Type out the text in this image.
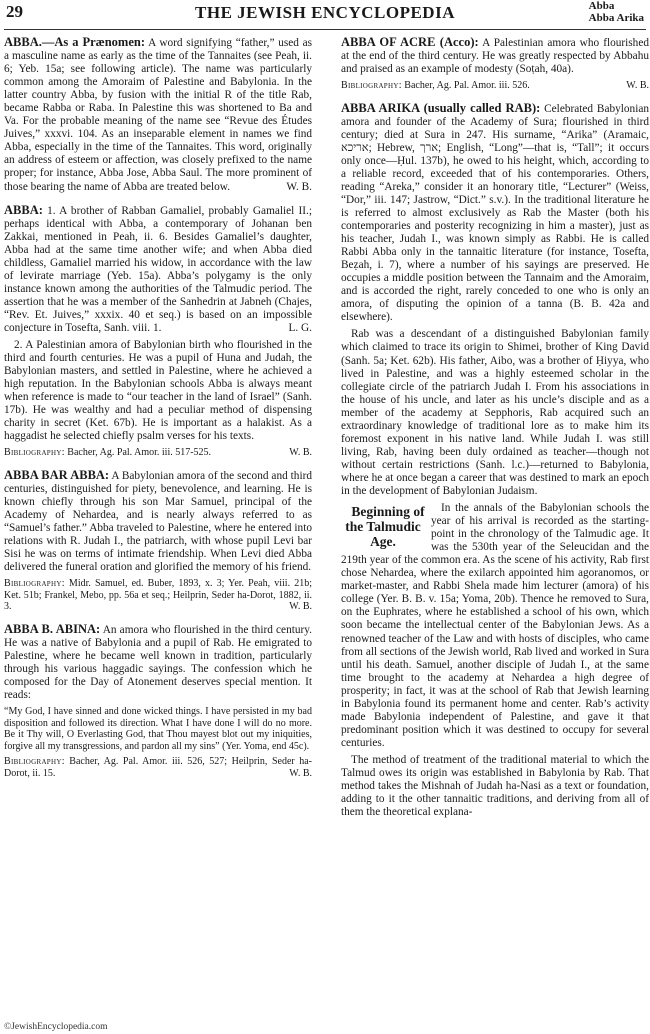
29	THE JEWISH ENCYCLOPEDIA	Abba
Abba Arika

ABBA.—As a Prænomen: A word signifying “father,” used as a masculine name as early as the time of the Tannaites (see Peah, ii. 6; Yeb. 15a; see following article). The name was particularly common among the Amoraim of Palestine and Babylonia. In the latter country Abba, by fusion with the initial R of the title Rab, became Rabba or Raba. In Palestine this was shortened to Ba and Va. For the probable meaning of the name see “Revue des Études Juives,” xxxvi. 104. As an inseparable element in names we find Abba, especially in the time of the Tannaites. This word, originally an address of esteem or affection, was closely prefixed to the name proper; for instance, Abba Jose, Abba Saul. The more prominent of those bearing the name of Abba are treated below.	W. B.

ABBA: 1. A brother of Rabban Gamaliel, probably Gamaliel II.; perhaps identical with Abba, a contemporary of Johanan ben Zakkai, mentioned in Peah, ii. 6. Besides Gamaliel’s daughter, Abba had at the same time another wife; and when Abba died childless, Gamaliel married his widow, in accordance with the law of levirate marriage (Yeb. 15a). Abba’s polygamy is the only instance known among the authorities of the Talmudic period. The assertion that he was a member of the Sanhedrin at Jabneh (Chajes, “Rev. Et. Juives,” xxxix. 40 et seq.) is based on an impossible conjecture in Tosefta, Sanh. viii. 1.	L. G.

2. A Palestinian amora of Babylonian birth who flourished in the third and fourth centuries. He was a pupil of Huna and Judah, the Babylonian masters, and settled in Palestine, where he achieved a high reputation. In the Babylonian schools Abba is always meant when reference is made to “our teacher in the land of Israel” (Sanh. 17b). He was wealthy and had a peculiar method of dispensing charity in secret (Ket. 67b). He is important as a halakist. As a haggadist he selected chiefly psalm verses for his texts.

Bibliography: Bacher, Ag. Pal. Amor. iii. 517-525.	W. B.

ABBA BAR ABBA: A Babylonian amora of the second and third centuries, distinguished for piety, benevolence, and learning. He is known chiefly through his son Mar Samuel, principal of the Academy of Nehardea, and is nearly always referred to as “Samuel’s father.” Abba traveled to Palestine, where he entered into relations with R. Judah I., the patriarch, with whose pupil Levi bar Sisi he was on terms of intimate friendship. When Levi died Abba delivered the funeral oration and glorified the memory of his friend.

Bibliography: Midr. Samuel, ed. Buber, 1893, x. 3; Yer. Peah, viii. 21b; Ket. 51b; Frankel, Mebo, pp. 56a et seq.; Heilprin, Seder ha-Dorot, 1882, ii. 3.	W. B.

ABBA B. ABINA: An amora who flourished in the third century. He was a native of Babylonia and a pupil of Rab. He emigrated to Palestine, where he became well known in tradition, particularly through his various haggadic sayings. The confession which he composed for the Day of Atonement deserves special mention. It reads:

“My God, I have sinned and done wicked things. I have persisted in my bad disposition and followed its direction. What I have done I will do no more. Be it Thy will, O Everlasting God, that Thou mayest blot out my iniquities, forgive all my transgressions, and pardon all my sins” (Yer. Yoma, end 45c).

Bibliography: Bacher, Ag. Pal. Amor. iii. 526, 527; Heilprin, Seder ha-Dorot, ii. 15.	W. B.

ABBA OF ACRE (Acco): A Palestinian amora who flourished at the end of the third century. He was greatly respected by Abbahu and praised as an example of modesty (Soṭah, 40a).

Bibliography: Bacher, Ag. Pal. Amor. iii. 526.	W. B.

ABBA ARIKA (usually called RAB): Celebrated Babylonian amora and founder of the Academy of Sura; flourished in third century; died at Sura in 247. His surname, “Arika” (Aramaic, אריכא; Hebrew, ארך; English, “Long”—that is, “Tall”; it occurs only once—Ḥul. 137b), he owed to his height, which, according to a reliable record, exceeded that of his contemporaries. Others, reading “Areka,” consider it an honorary title, “Lecturer” (Weiss, “Dor,” iii. 147; Jastrow, “Dict.” s.v.). In the traditional literature he is referred to almost exclusively as Rab the Master (both his contemporaries and posterity recognizing in him a master), just as his teacher, Judah I., was known simply as Rabbi. He is called Rabbi Abba only in the tannaitic literature (for instance, Tosefta, Beẓah, i. 7), where a number of his sayings are preserved. He occupies a middle position between the Tannaim and the Amoraim, and is accorded the right, rarely conceded to one who is only an amora, of disputing the opinion of a tanna (B. B. 42a and elsewhere).

Rab was a descendant of a distinguished Babylonian family which claimed to trace its origin to Shimei, brother of King David (Sanh. 5a; Ket. 62b). His father, Aibo, was a brother of Ḥiyya, who lived in Palestine, and was a highly esteemed scholar in the collegiate circle of the patriarch Judah I. From his associations in the house of his uncle, and later as his uncle’s disciple and as a member of the academy at Sepphoris, Rab acquired such an extraordinary knowledge of traditional lore as to make him its foremost exponent in his native land. While Judah I. was still living, Rab, having been duly ordained as teacher—though not without certain restrictions (Sanh. l.c.)—returned to Babylonia, where he at once began a career that was destined to mark an epoch in the development of Babylonian Judaism.

Beginning of the Talmudic Age.
In the annals of the Babylonian schools the year of his arrival is recorded as the starting-point in the chronology of the Talmudic age. It was the 530th year of the Seleucidan and the 219th year of the common era. As the scene of his activity, Rab first chose Nehardea, where the exilarch appointed him agoranomos, or market-master, and Rabbi Shela made him lecturer (amora) of his college (Yer. B. B. v. 15a; Yoma, 20b). Thence he removed to Sura, on the Euphrates, where he established a school of his own, which soon became the intellectual center of the Babylonian Jews. As a renowned teacher of the Law and with hosts of disciples, who came from all sections of the Jewish world, Rab lived and worked in Sura until his death. Samuel, another disciple of Judah I., at the same time brought to the academy at Nehardea a high degree of prosperity; in fact, it was at the school of Rab that Jewish learning in Babylonia found its permanent home and center. Rab’s activity made Babylonia independent of Palestine, and gave it that predominant position which it was destined to occupy for several centuries.

The method of treatment of the traditional material to which the Talmud owes its origin was established in Babylonia by Rab. That method takes the Mishnah of Judah ha-Nasi as a text or foundation, adding to it the other tannaitic traditions, and deriving from all of them the theoretical explana-

©JewishEncyclopedia.com
